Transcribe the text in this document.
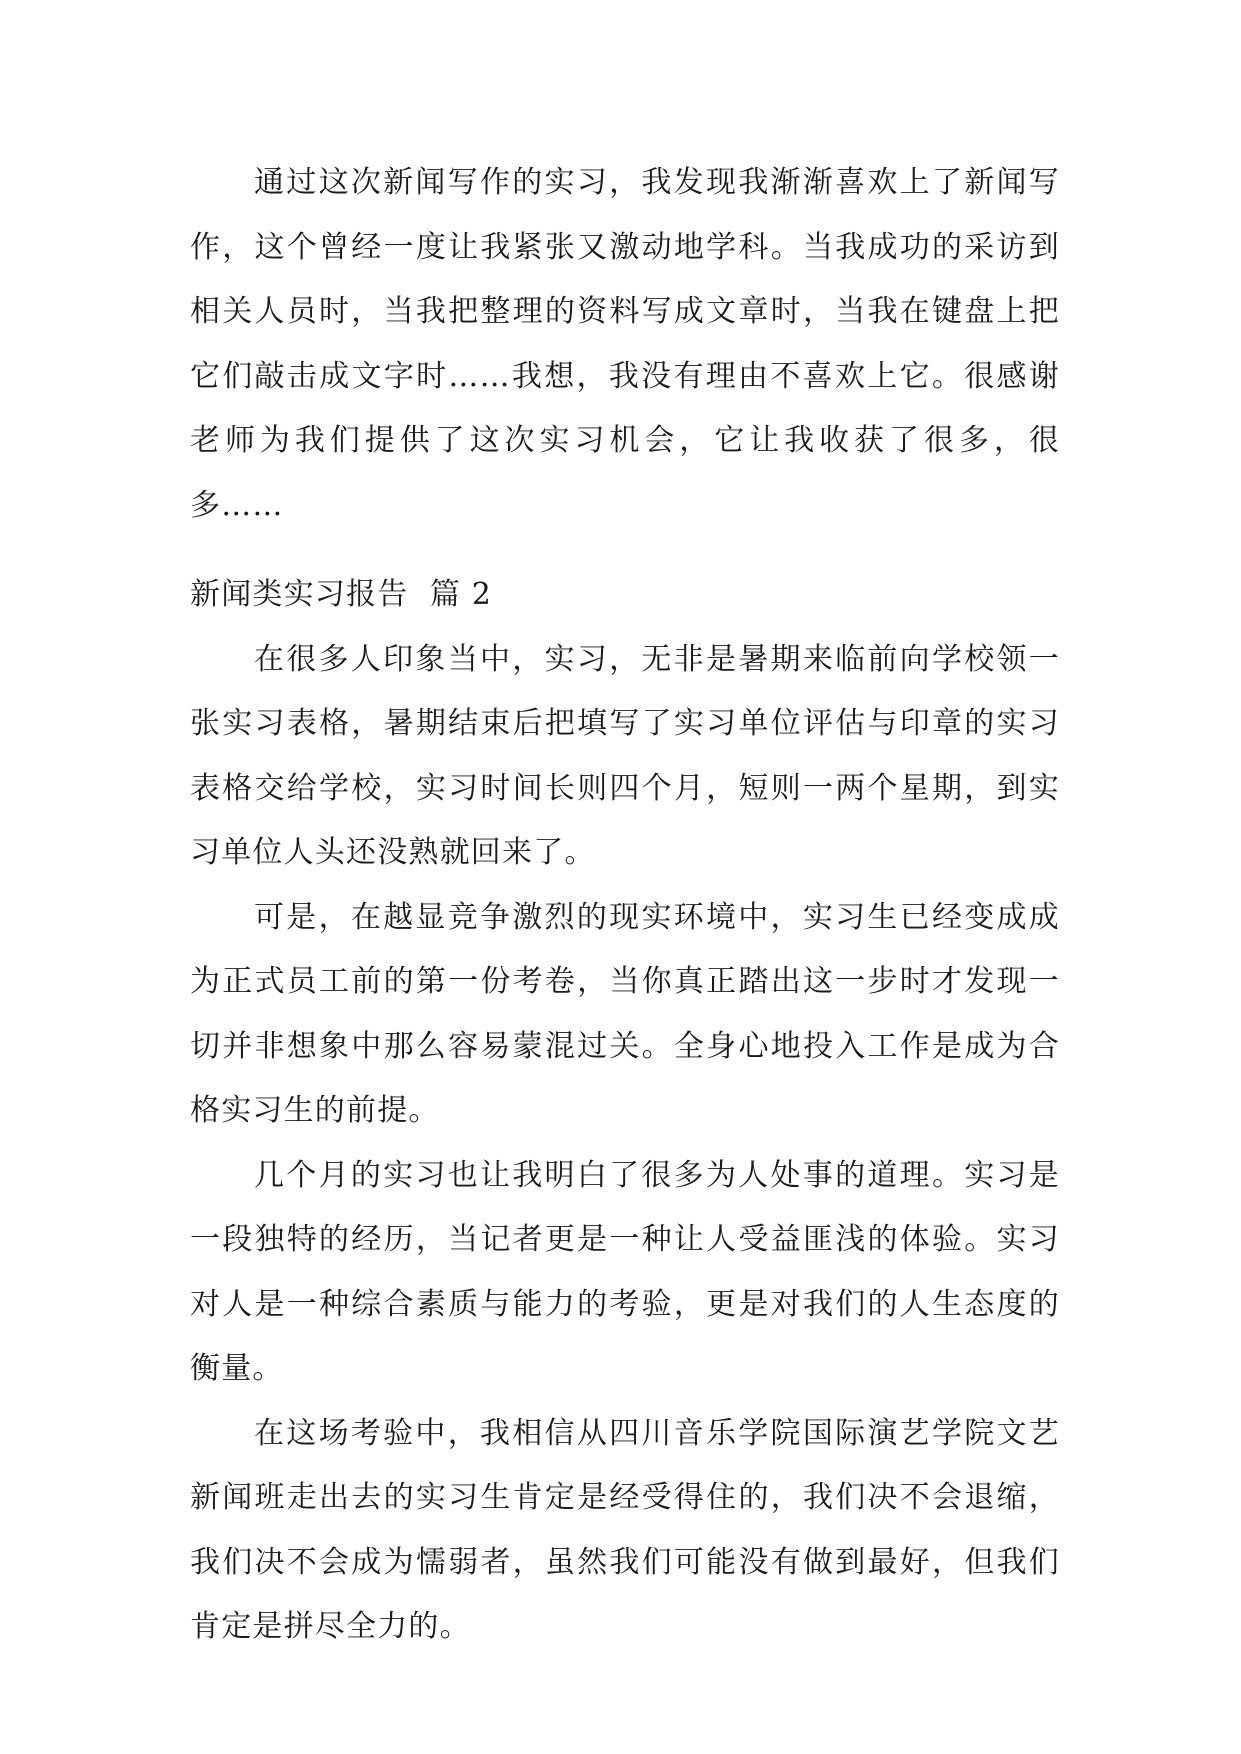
通过这次新闻写作的实习，我发现我渐渐喜欢上了新闻写作，这个曾经一度让我紧张又激动地学科。当我成功的采访到相关人员时，当我把整理的资料写成文章时，当我在键盘上把它们敲击成文字时……我想，我没有理由不喜欢上它。很感谢老师为我们提供了这次实习机会，它让我收获了很多，很多……

新闻类实习报告  篇 2

在很多人印象当中，实习，无非是暑期来临前向学校领一张实习表格，暑期结束后把填写了实习单位评估与印章的实习表格交给学校，实习时间长则四个月，短则一两个星期，到实习单位人头还没熟就回来了。

可是，在越显竞争激烈的现实环境中，实习生已经变成成为正式员工前的第一份考卷，当你真正踏出这一步时才发现一切并非想象中那么容易蒙混过关。全身心地投入工作是成为合格实习生的前提。

几个月的实习也让我明白了很多为人处事的道理。实习是一段独特的经历，当记者更是一种让人受益匪浅的体验。实习对人是一种综合素质与能力的考验，更是对我们的人生态度的衡量。

在这场考验中，我相信从四川音乐学院国际演艺学院文艺新闻班走出去的实习生肯定是经受得住的，我们决不会退缩，我们决不会成为懦弱者，虽然我们可能没有做到最好，但我们肯定是拼尽全力的。
